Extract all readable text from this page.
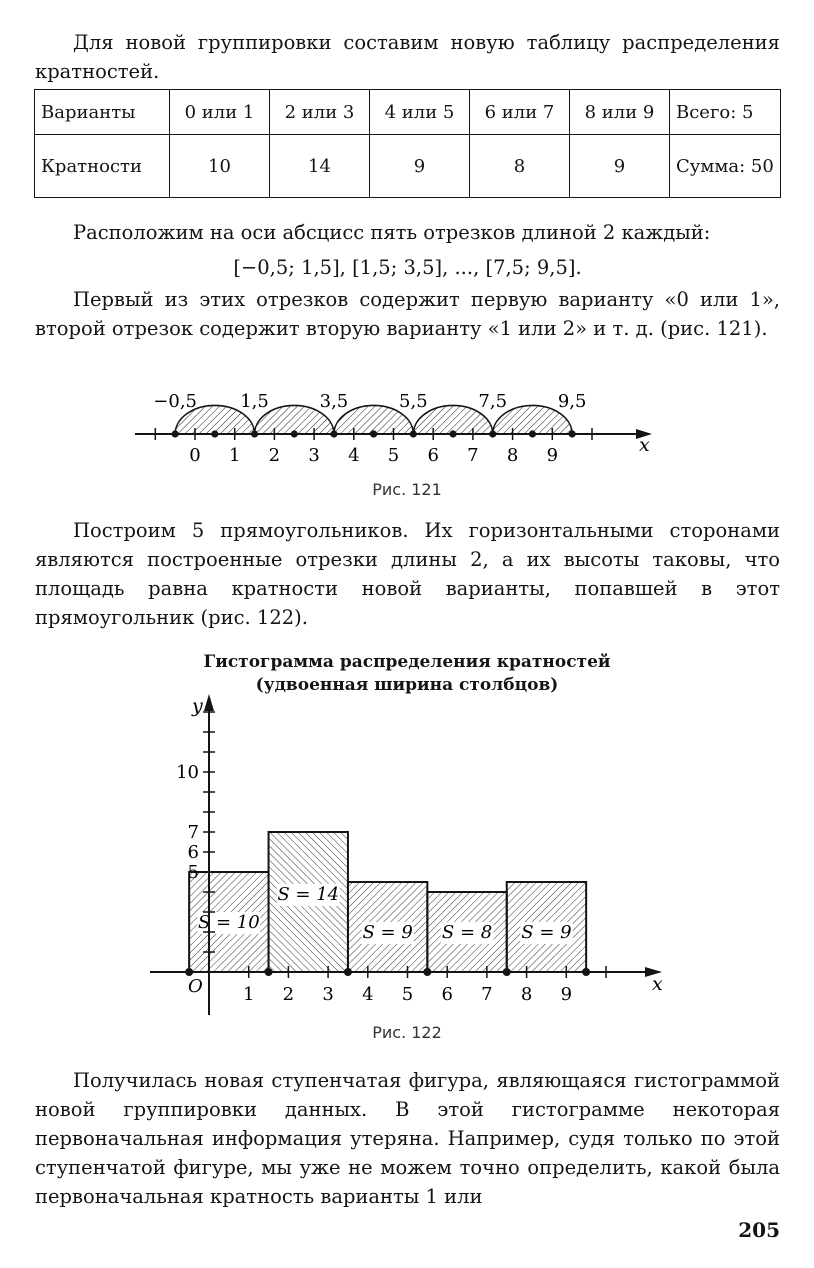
Для новой группировки составим новую таблицу распределения кратностей.

Варианты	0 или 1	2 или 3	4 или 5	6 или 7	8 или 9	Всего: 5
Кратности	10	14	9	8	9	Сумма: 50

Расположим на оси абсцисс пять отрезков длиной 2 каждый:

[−0,5; 1,5], [1,5; 3,5], ..., [7,5; 9,5].

Первый из этих отрезков содержит первую варианту «0 или 1», второй отрезок содержит вторую варианту «1 или 2» и т. д. (рис. 121).

−0,5 1,5	3,5	5,5	7,5	9,5
0 1 2 3 4 5 6 7 8 9	x
Рис. 121

Построим 5 прямоугольников. Их горизонтальными сторонами являются построенные отрезки длины 2, а их высоты таковы, что площадь равна кратности новой варианты, попавшей в этот прямоугольник (рис. 122).

Гистограмма распределения кратностей
(удвоенная ширина столбцов)
S = 10
S = 14
S = 9 S = 8 S = 9
5
6
7
10
1 2 3 4 5 6 7 8 9	x
y
O
Рис. 122

Получилась новая ступенчатая фигура, являющаяся гистограммой новой группировки данных. В этой гистограмме некоторая первоначальная информация утеряна. Например, судя только по этой ступенчатой фигуре, мы уже не можем точно определить, какой была первоначальная кратность варианты 1 или

205
